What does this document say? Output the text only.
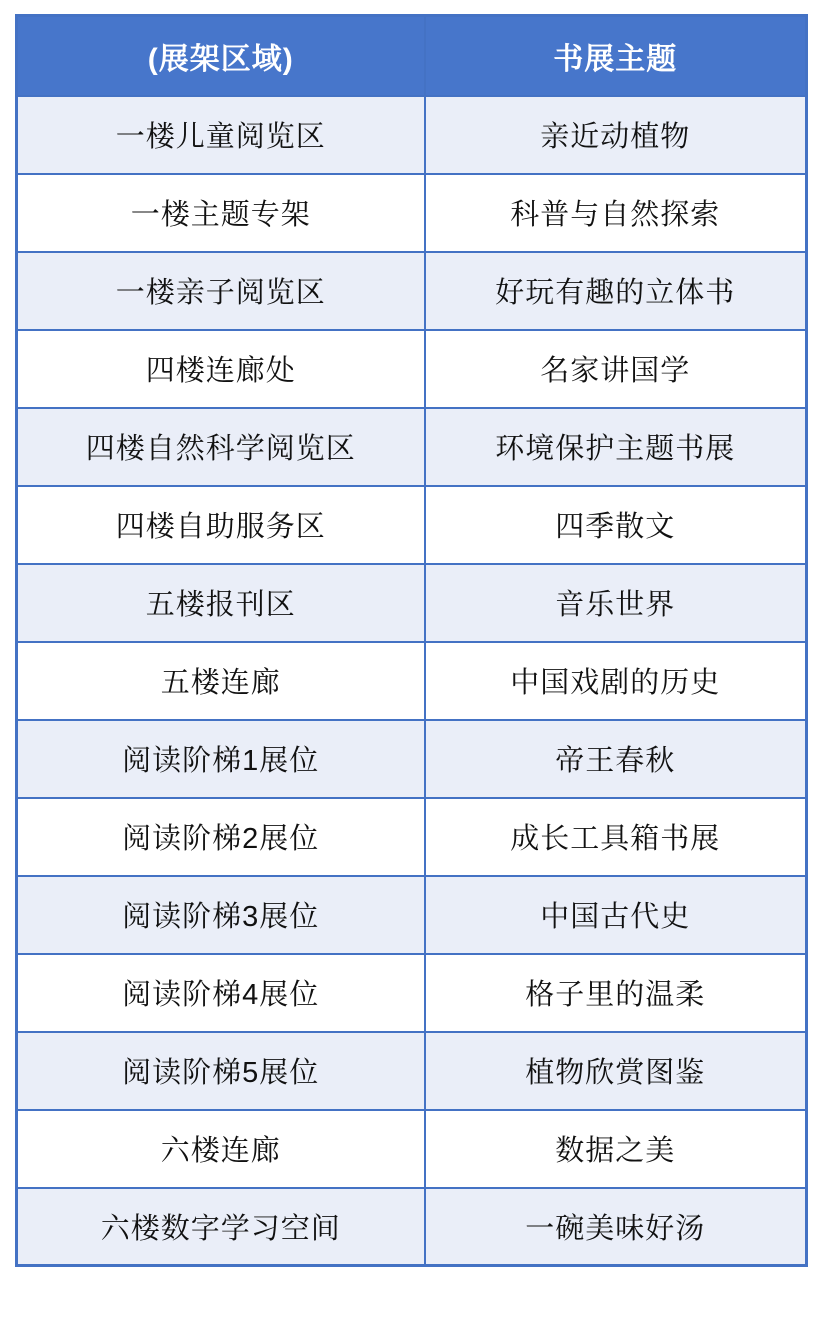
(展架区域)	书展主题
一楼儿童阅览区	亲近动植物
一楼主题专架	科普与自然探索
一楼亲子阅览区	好玩有趣的立体书
四楼连廊处	名家讲国学
四楼自然科学阅览区	环境保护主题书展
四楼自助服务区	四季散文
五楼报刊区	音乐世界
五楼连廊	中国戏剧的历史
阅读阶梯1展位	帝王春秋
阅读阶梯2展位	成长工具箱书展
阅读阶梯3展位	中国古代史
阅读阶梯4展位	格子里的温柔
阅读阶梯5展位	植物欣赏图鉴
六楼连廊	数据之美
六楼数字学习空间	一碗美味好汤
